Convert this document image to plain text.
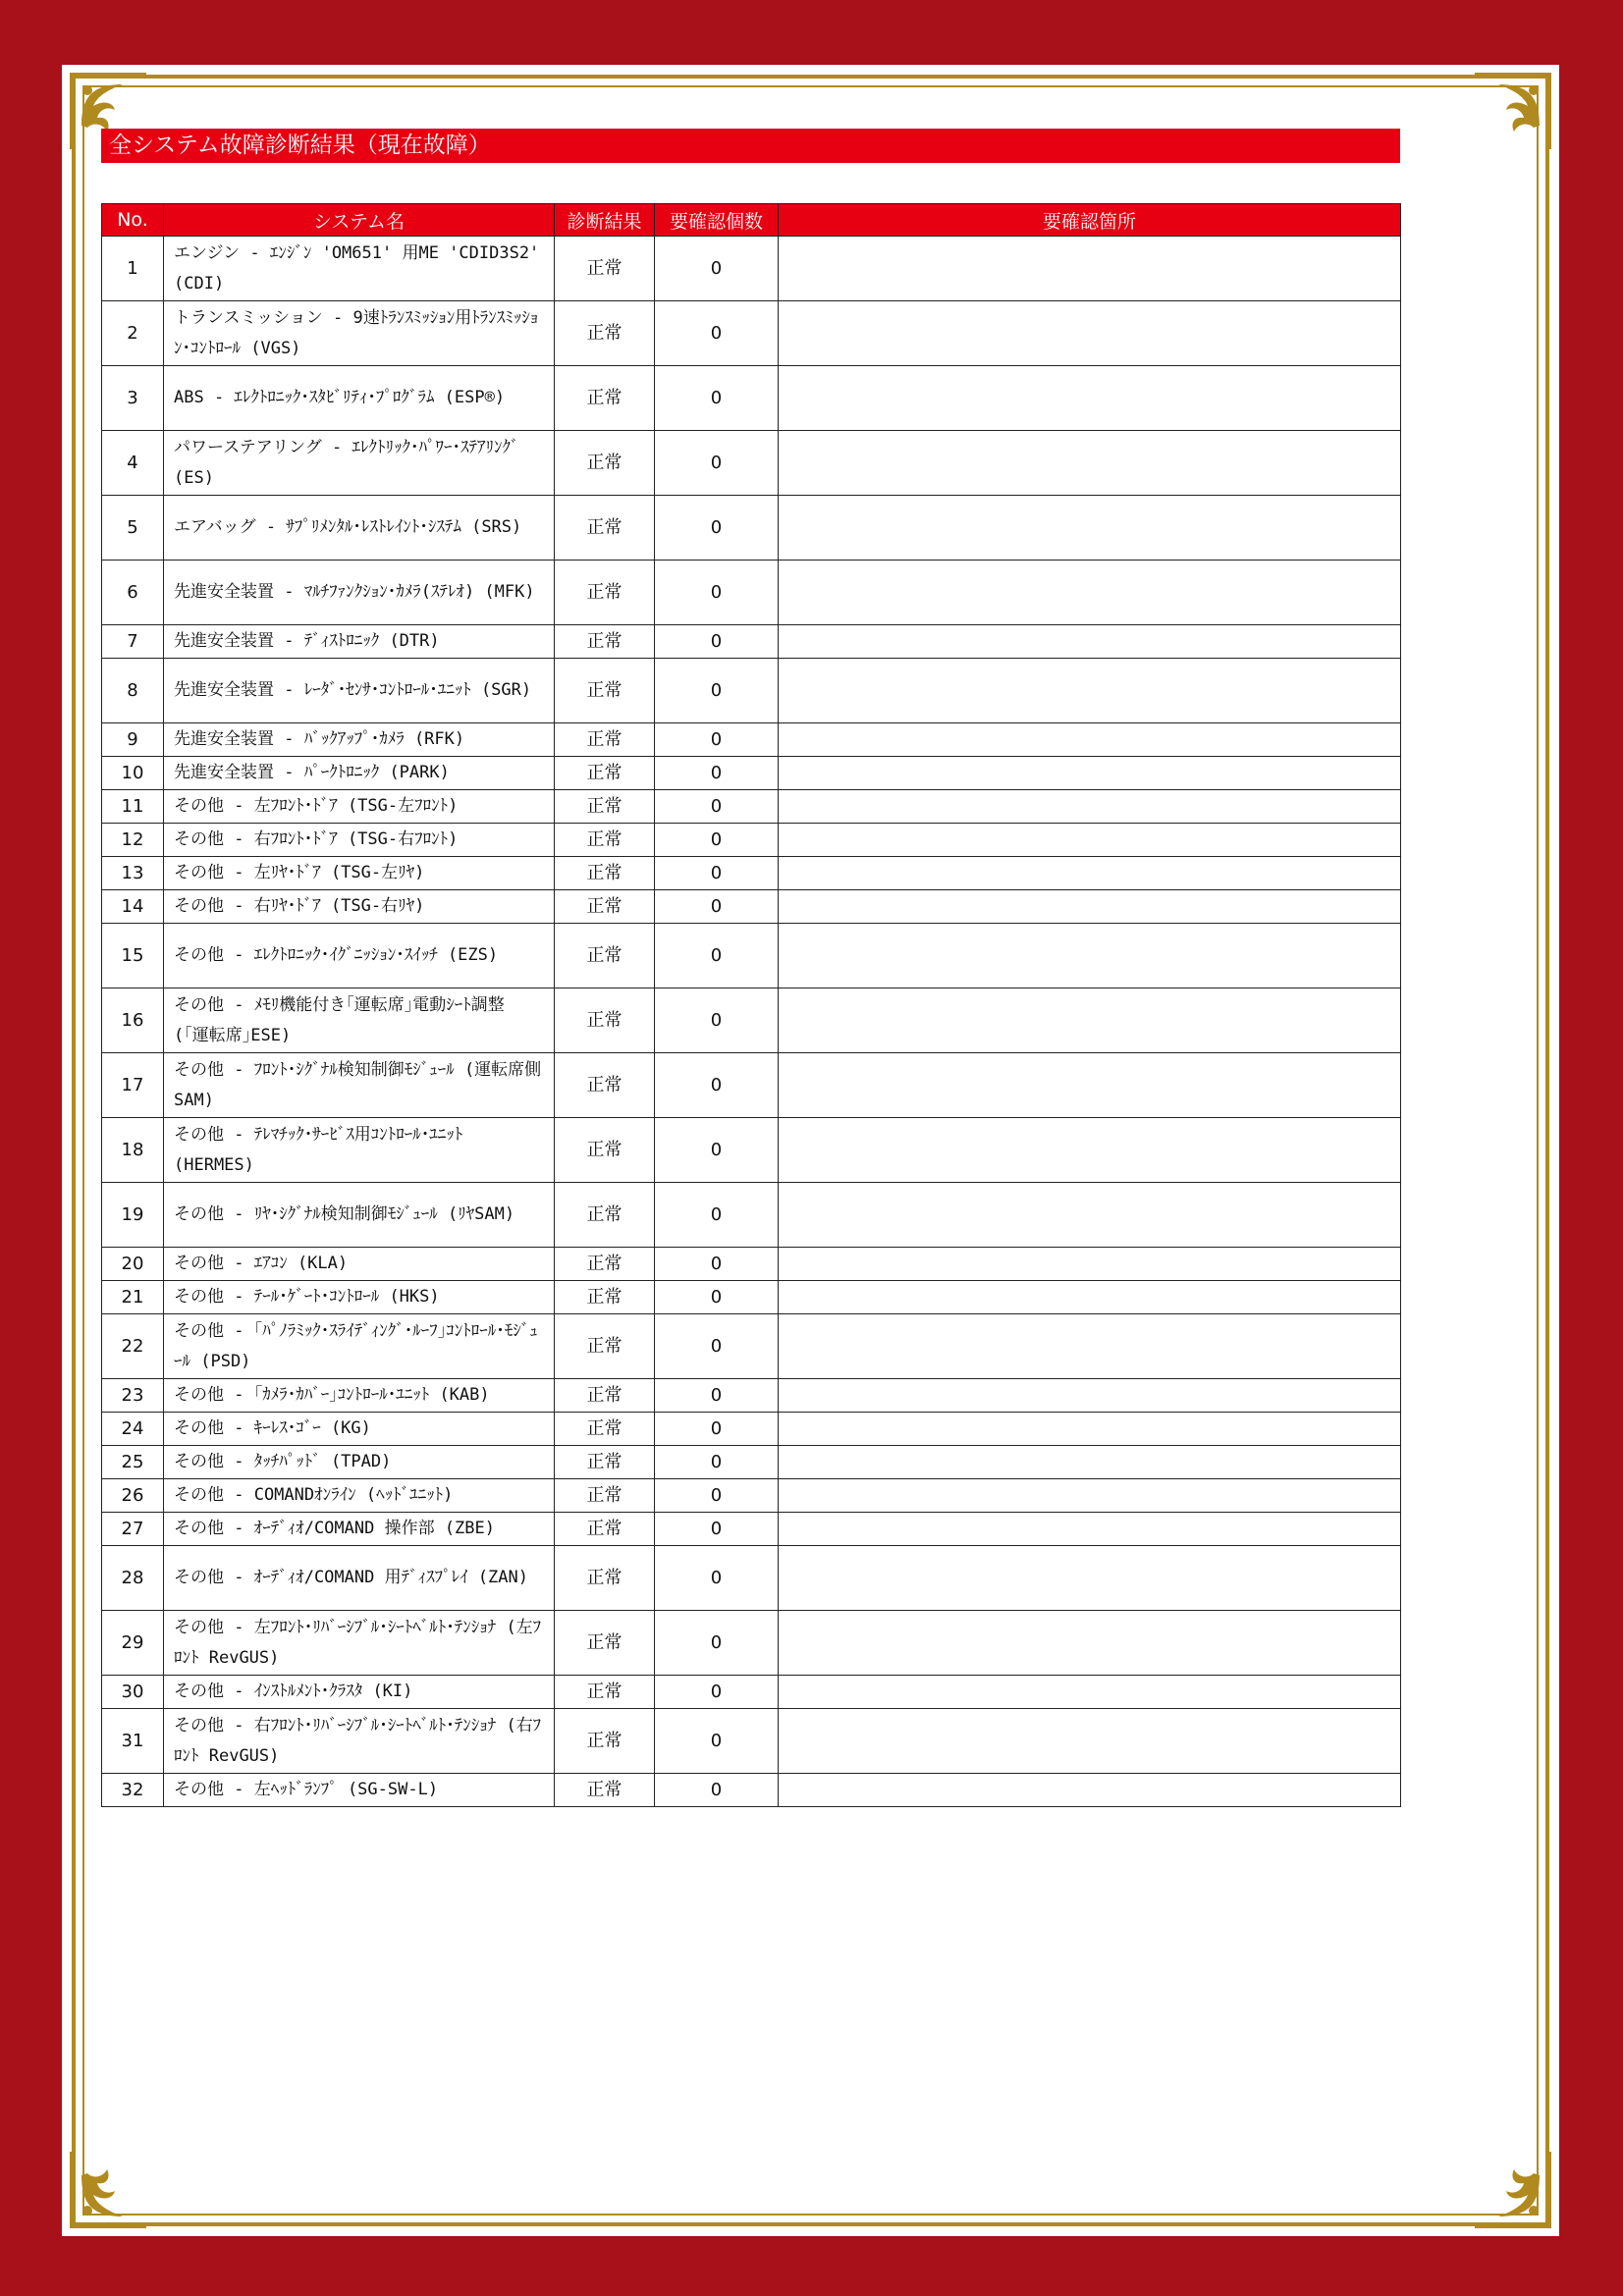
全システム故障診断結果（現在故障）
No.	システム名	診断結果	要確認個数	要確認箇所
1	エンジン - ｴﾝｼﾞﾝ 'OM651' 用ME 'CDID3S2' (CDI)	正常	0	
2	トランスミッション - 9速ﾄﾗﾝｽﾐｯｼｮﾝ用ﾄﾗﾝｽﾐｯｼｮﾝ･ｺﾝﾄﾛｰﾙ (VGS)	正常	0	
3	ABS - ｴﾚｸﾄﾛﾆｯｸ･ｽﾀﾋﾞﾘﾃｨ･ﾌﾟﾛｸﾞﾗﾑ (ESP®)	正常	0	
4	パワーステアリング - ｴﾚｸﾄﾘｯｸ･ﾊﾟﾜｰ･ｽﾃｱﾘﾝｸﾞ (ES)	正常	0	
5	エアバッグ - ｻﾌﾟﾘﾒﾝﾀﾙ･ﾚｽﾄﾚｲﾝﾄ･ｼｽﾃﾑ (SRS)	正常	0	
6	先進安全装置 - ﾏﾙﾁﾌｧﾝｸｼｮﾝ･ｶﾒﾗ(ｽﾃﾚｵ) (MFK)	正常	0	
7	先進安全装置 - ﾃﾞｨｽﾄﾛﾆｯｸ (DTR)	正常	0	
8	先進安全装置 - ﾚｰﾀﾞ･ｾﾝｻ･ｺﾝﾄﾛｰﾙ･ﾕﾆｯﾄ (SGR)	正常	0	
9	先進安全装置 - ﾊﾞｯｸｱｯﾌﾟ･ｶﾒﾗ (RFK)	正常	0	
10	先進安全装置 - ﾊﾟｰｸﾄﾛﾆｯｸ (PARK)	正常	0	
11	その他 - 左ﾌﾛﾝﾄ･ﾄﾞｱ (TSG-左ﾌﾛﾝﾄ)	正常	0	
12	その他 - 右ﾌﾛﾝﾄ･ﾄﾞｱ (TSG-右ﾌﾛﾝﾄ)	正常	0	
13	その他 - 左ﾘﾔ･ﾄﾞｱ (TSG-左ﾘﾔ)	正常	0	
14	その他 - 右ﾘﾔ･ﾄﾞｱ (TSG-右ﾘﾔ)	正常	0	
15	その他 - ｴﾚｸﾄﾛﾆｯｸ･ｲｸﾞﾆｯｼｮﾝ･ｽｲｯﾁ (EZS)	正常	0	
16	その他 - ﾒﾓﾘ機能付き｢運転席｣電動ｼｰﾄ調整 (｢運転席｣ESE)	正常	0	
17	その他 - ﾌﾛﾝﾄ･ｼｸﾞﾅﾙ検知制御ﾓｼﾞｭｰﾙ (運転席側SAM)	正常	0	
18	その他 - ﾃﾚﾏﾁｯｸ･ｻｰﾋﾞｽ用ｺﾝﾄﾛｰﾙ･ﾕﾆｯﾄ (HERMES)	正常	0	
19	その他 - ﾘﾔ･ｼｸﾞﾅﾙ検知制御ﾓｼﾞｭｰﾙ (ﾘﾔSAM)	正常	0	
20	その他 - ｴｱｺﾝ (KLA)	正常	0	
21	その他 - ﾃｰﾙ･ｹﾞｰﾄ･ｺﾝﾄﾛｰﾙ (HKS)	正常	0	
22	その他 - ｢ﾊﾟﾉﾗﾐｯｸ･ｽﾗｲﾃﾞｨﾝｸﾞ･ﾙｰﾌ｣ｺﾝﾄﾛｰﾙ･ﾓｼﾞｭｰﾙ (PSD)	正常	0	
23	その他 - ｢ｶﾒﾗ･ｶﾊﾞｰ｣ｺﾝﾄﾛｰﾙ･ﾕﾆｯﾄ (KAB)	正常	0	
24	その他 - ｷｰﾚｽ･ｺﾞｰ (KG)	正常	0	
25	その他 - ﾀｯﾁﾊﾟｯﾄﾞ (TPAD)	正常	0	
26	その他 - COMANDｵﾝﾗｲﾝ (ﾍｯﾄﾞﾕﾆｯﾄ)	正常	0	
27	その他 - ｵｰﾃﾞｨｵ/COMAND 操作部 (ZBE)	正常	0	
28	その他 - ｵｰﾃﾞｨｵ/COMAND 用ﾃﾞｨｽﾌﾟﾚｲ (ZAN)	正常	0	
29	その他 - 左ﾌﾛﾝﾄ･ﾘﾊﾞｰｼﾌﾞﾙ･ｼｰﾄﾍﾞﾙﾄ･ﾃﾝｼｮﾅ (左ﾌﾛﾝﾄ RevGUS)	正常	0	
30	その他 - ｲﾝｽﾄﾙﾒﾝﾄ･ｸﾗｽﾀ (KI)	正常	0	
31	その他 - 右ﾌﾛﾝﾄ･ﾘﾊﾞｰｼﾌﾞﾙ･ｼｰﾄﾍﾞﾙﾄ･ﾃﾝｼｮﾅ (右ﾌﾛﾝﾄ RevGUS)	正常	0	
32	その他 - 左ﾍｯﾄﾞﾗﾝﾌﾟ (SG-SW-L)	正常	0	
